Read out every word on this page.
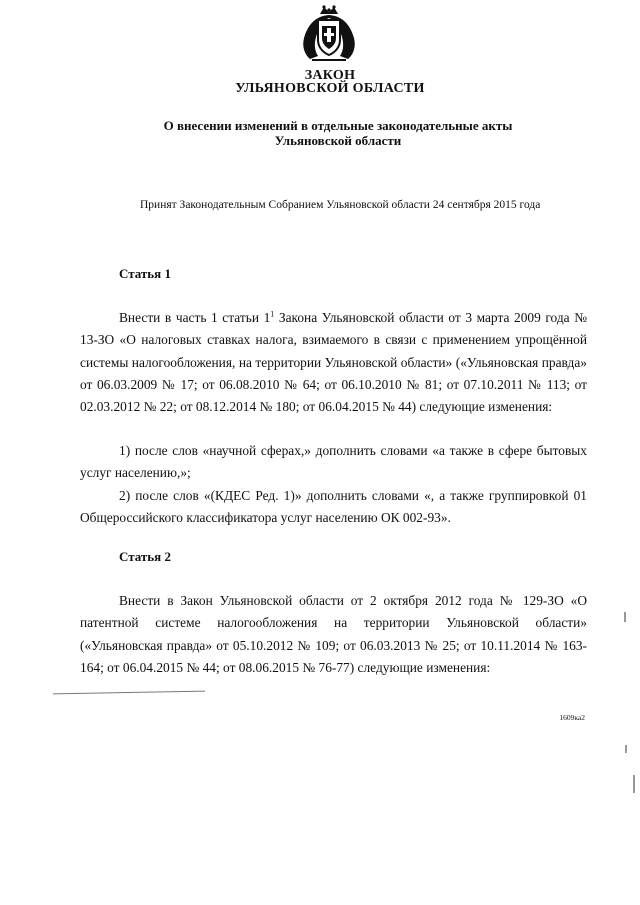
ЗАКОН
УЛЬЯНОВСКОЙ ОБЛАСТИ
О внесении изменений в отдельные законодательные акты
Ульяновской области
Принят Законодательным Собранием Ульяновской области 24 сентября 2015 года
Статья 1
Внести в часть 1 статьи $1^1$ Закона Ульяновской области от 3 марта 2009 года № 13-ЗО «О налоговых ставках налога, взимаемого в связи с применением упрощённой системы налогообложения, на территории Ульяновской области» («Ульяновская правда» от 06.03.2009 № 17; от 06.08.2010 № 64; от 06.10.2010 № 81; от 07.10.2011 № 113; от 02.03.2012 № 22; от 08.12.2014 № 180; от 06.04.2015 № 44) следующие изменения:
1) после слов «научной сферах,» дополнить словами «а также в сфере бытовых услуг населению,»;
2) после слов «(КДЕС Ред. 1)» дополнить словами «, а также группировкой 01 Общероссийского классификатора услуг населению ОК 002-93».
Статья 2
Внести в Закон Ульяновской области от 2 октября 2012 года № 129-ЗО «О патентной системе налогообложения на территории Ульяновской области» («Ульяновская правда» от 05.10.2012 № 109; от 06.03.2013 № 25; от 10.11.2014 № 163-164; от 06.04.2015 № 44; от 08.06.2015 № 76-77) следующие изменения:
1609ка2
